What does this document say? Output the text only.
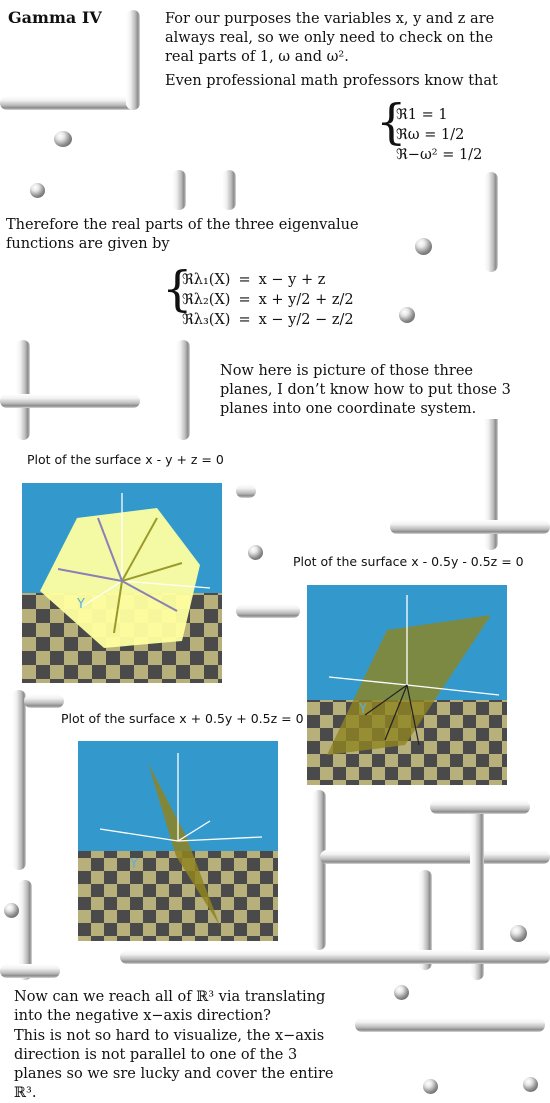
Gamma IV	For our purposes the variables x, y and z are always real, so we only need to check on the real parts of 1, ω and ω².
Even professional math professors know that
{
ℜ1 = 1
ℜω = 1/2
ℜ−ω² = 1/2
Therefore the real parts of the three eigenvalue functions are given by
{
ℜλ₁(X)	=	x − y + z
ℜλ₂(X)	=	x + y/2 + z/2
ℜλ₃(X)	=	x − y/2 − z/2
Now here is picture of those three planes, I don’t know how to put those 3 planes into one coordinate system.
Plot of the surface x - y + z = 0
Y
Plot of the surface x - 0.5y - 0.5z = 0
Y
Plot of the surface x + 0.5y + 0.5z = 0
Y
Now can we reach all of ℝ³ via translating into the negative x−axis direction?
This is not so hard to visualize, the x−axis direction is not parallel to one of the 3 planes so we sre lucky and cover the entire ℝ³.
